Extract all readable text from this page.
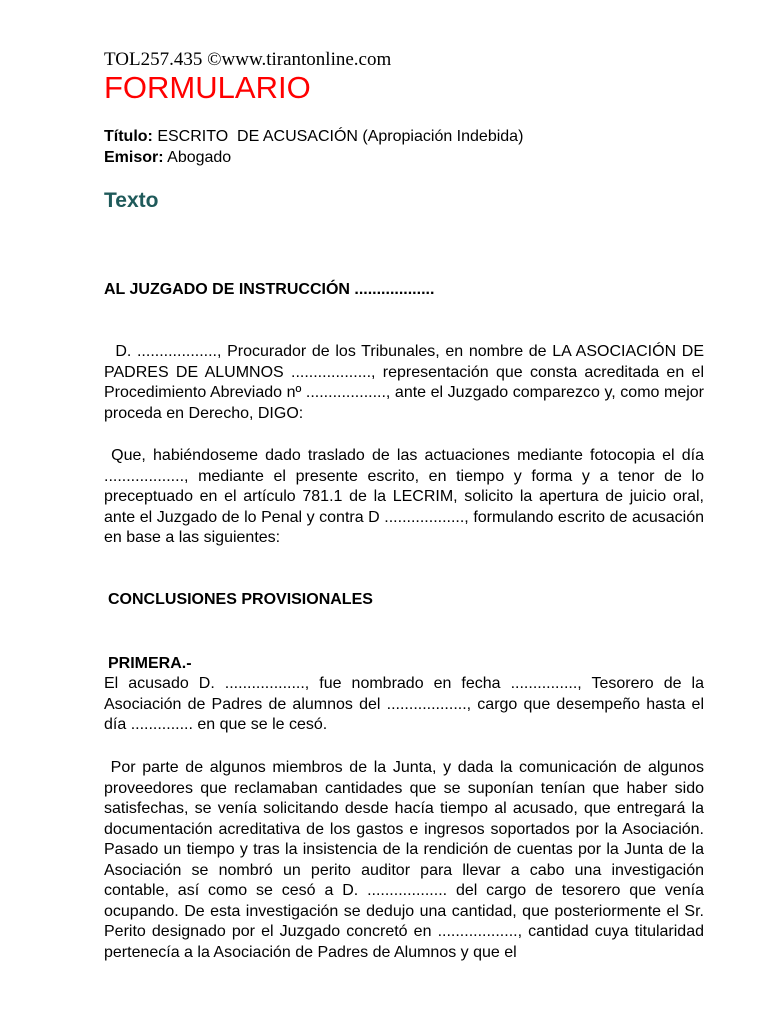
TOL257.435 ©www.tirantonline.com
FORMULARIO
Título: ESCRITO  DE ACUSACIÓN (Apropiación Indebida)
Emisor: Abogado
Texto
AL JUZGADO DE INSTRUCCIÓN ..................

D. .................., Procurador de los Tribunales, en nombre de LA ASOCIACIÓN DE PADRES DE ALUMNOS .................., representación que consta acreditada en el Procedimiento Abreviado nº .................., ante el Juzgado comparezco y, como mejor proceda en Derecho, DIGO:

Que, habiéndoseme dado traslado de las actuaciones mediante fotocopia el día .................., mediante el presente escrito, en tiempo y forma y a tenor de lo preceptuado en el artículo 781.1 de la LECRIM, solicito la apertura de juicio oral, ante el Juzgado de lo Penal y contra D .................., formulando escrito de acusación en base a las siguientes:

CONCLUSIONES PROVISIONALES
PRIMERA.-

El acusado D. .................., fue nombrado en fecha ..............., Tesorero de la Asociación de Padres de alumnos del .................., cargo que desempeño hasta el día .............. en que se le cesó.

Por parte de algunos miembros de la Junta, y dada la comunicación de algunos proveedores que reclamaban cantidades que se suponían tenían que haber sido satisfechas, se venía solicitando desde hacía tiempo al acusado, que entregará la documentación acreditativa de los gastos e ingresos soportados por la Asociación. Pasado un tiempo y tras la insistencia de la rendición de cuentas por la Junta de la Asociación se nombró un perito auditor para llevar a cabo una investigación contable, así como se cesó a D. .................. del cargo de tesorero que venía ocupando. De esta investigación se dedujo una cantidad, que posteriormente el Sr. Perito designado por el Juzgado concretó en .................., cantidad cuya titularidad pertenecía a la Asociación de Padres de Alumnos y que el
